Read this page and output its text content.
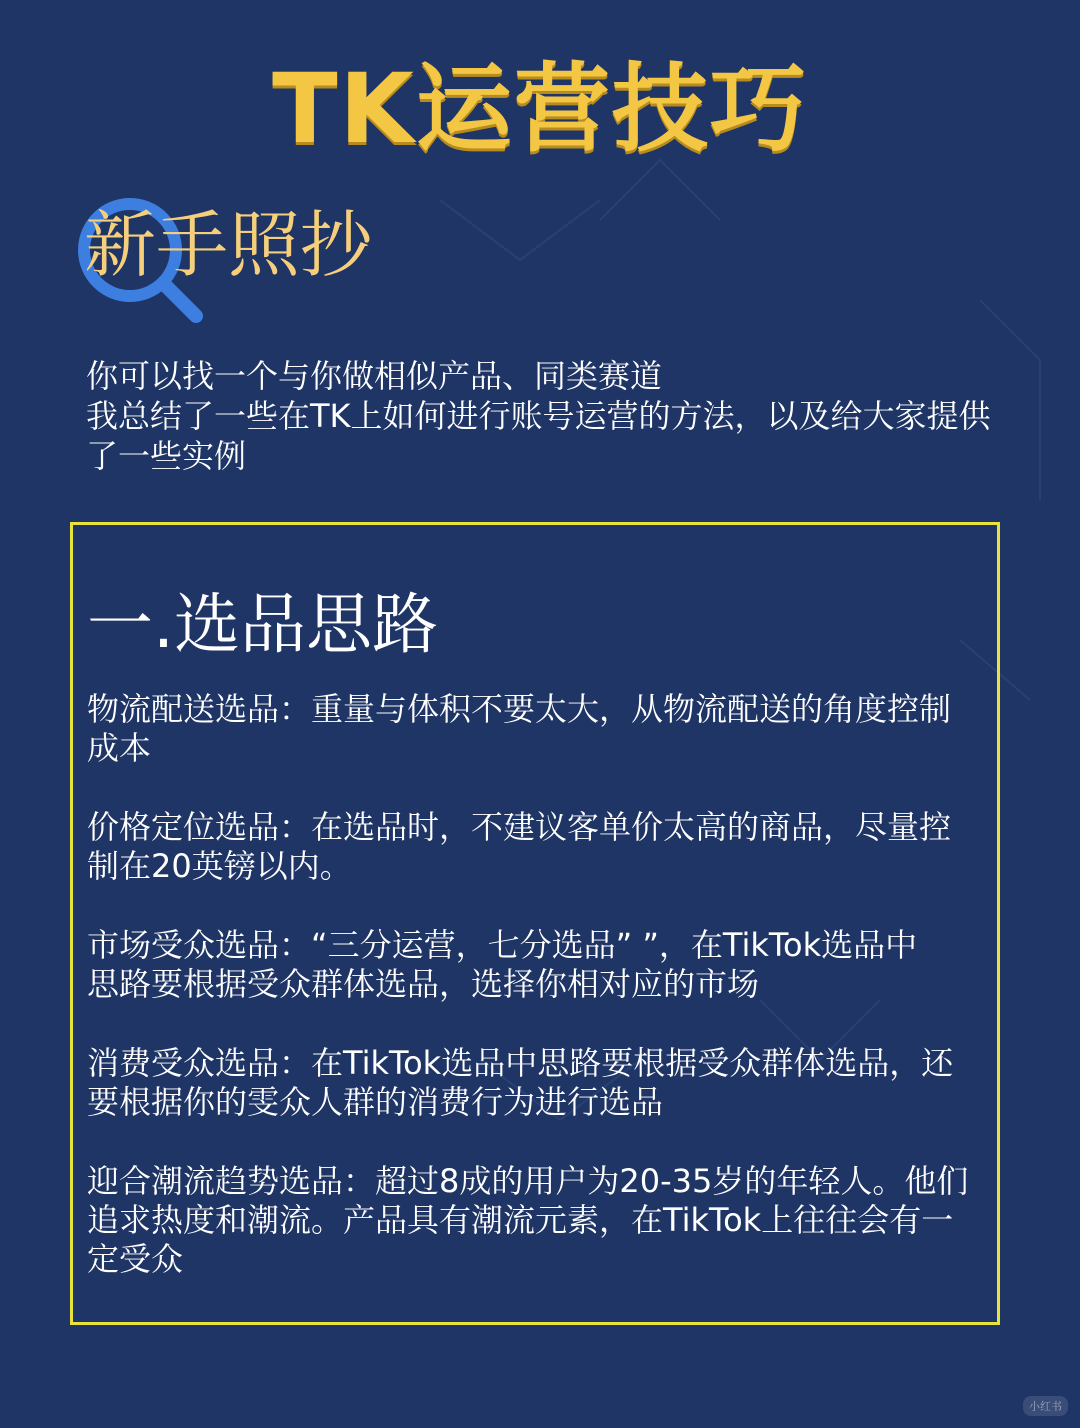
TK运营技巧
新手照抄
你可以找一个与你做相似产品、同类赛道
我总结了一些在TK上如何进行账号运营的方法，以及给大家提供
了一些实例
一.选品思路
物流配送选品：重量与体积不要太大，从物流配送的角度控制
成本
价格定位选品：在选品时，不建议客单价太高的商品，尽量控
制在20英镑以内。
市场受众选品：“三分运营，七分选品” ”，在TikTok选品中
思路要根据受众群体选品，选择你相对应的市场
消费受众选品：在TikTok选品中思路要根据受众群体选品，还
要根据你的雯众人群的消费行为进行选品
迎合潮流趋势选品：超过8成的用户为20-35岁的年轻人。他们
追求热度和潮流。产品具有潮流元素，在TikTok上往往会有一
定受众
小红书
